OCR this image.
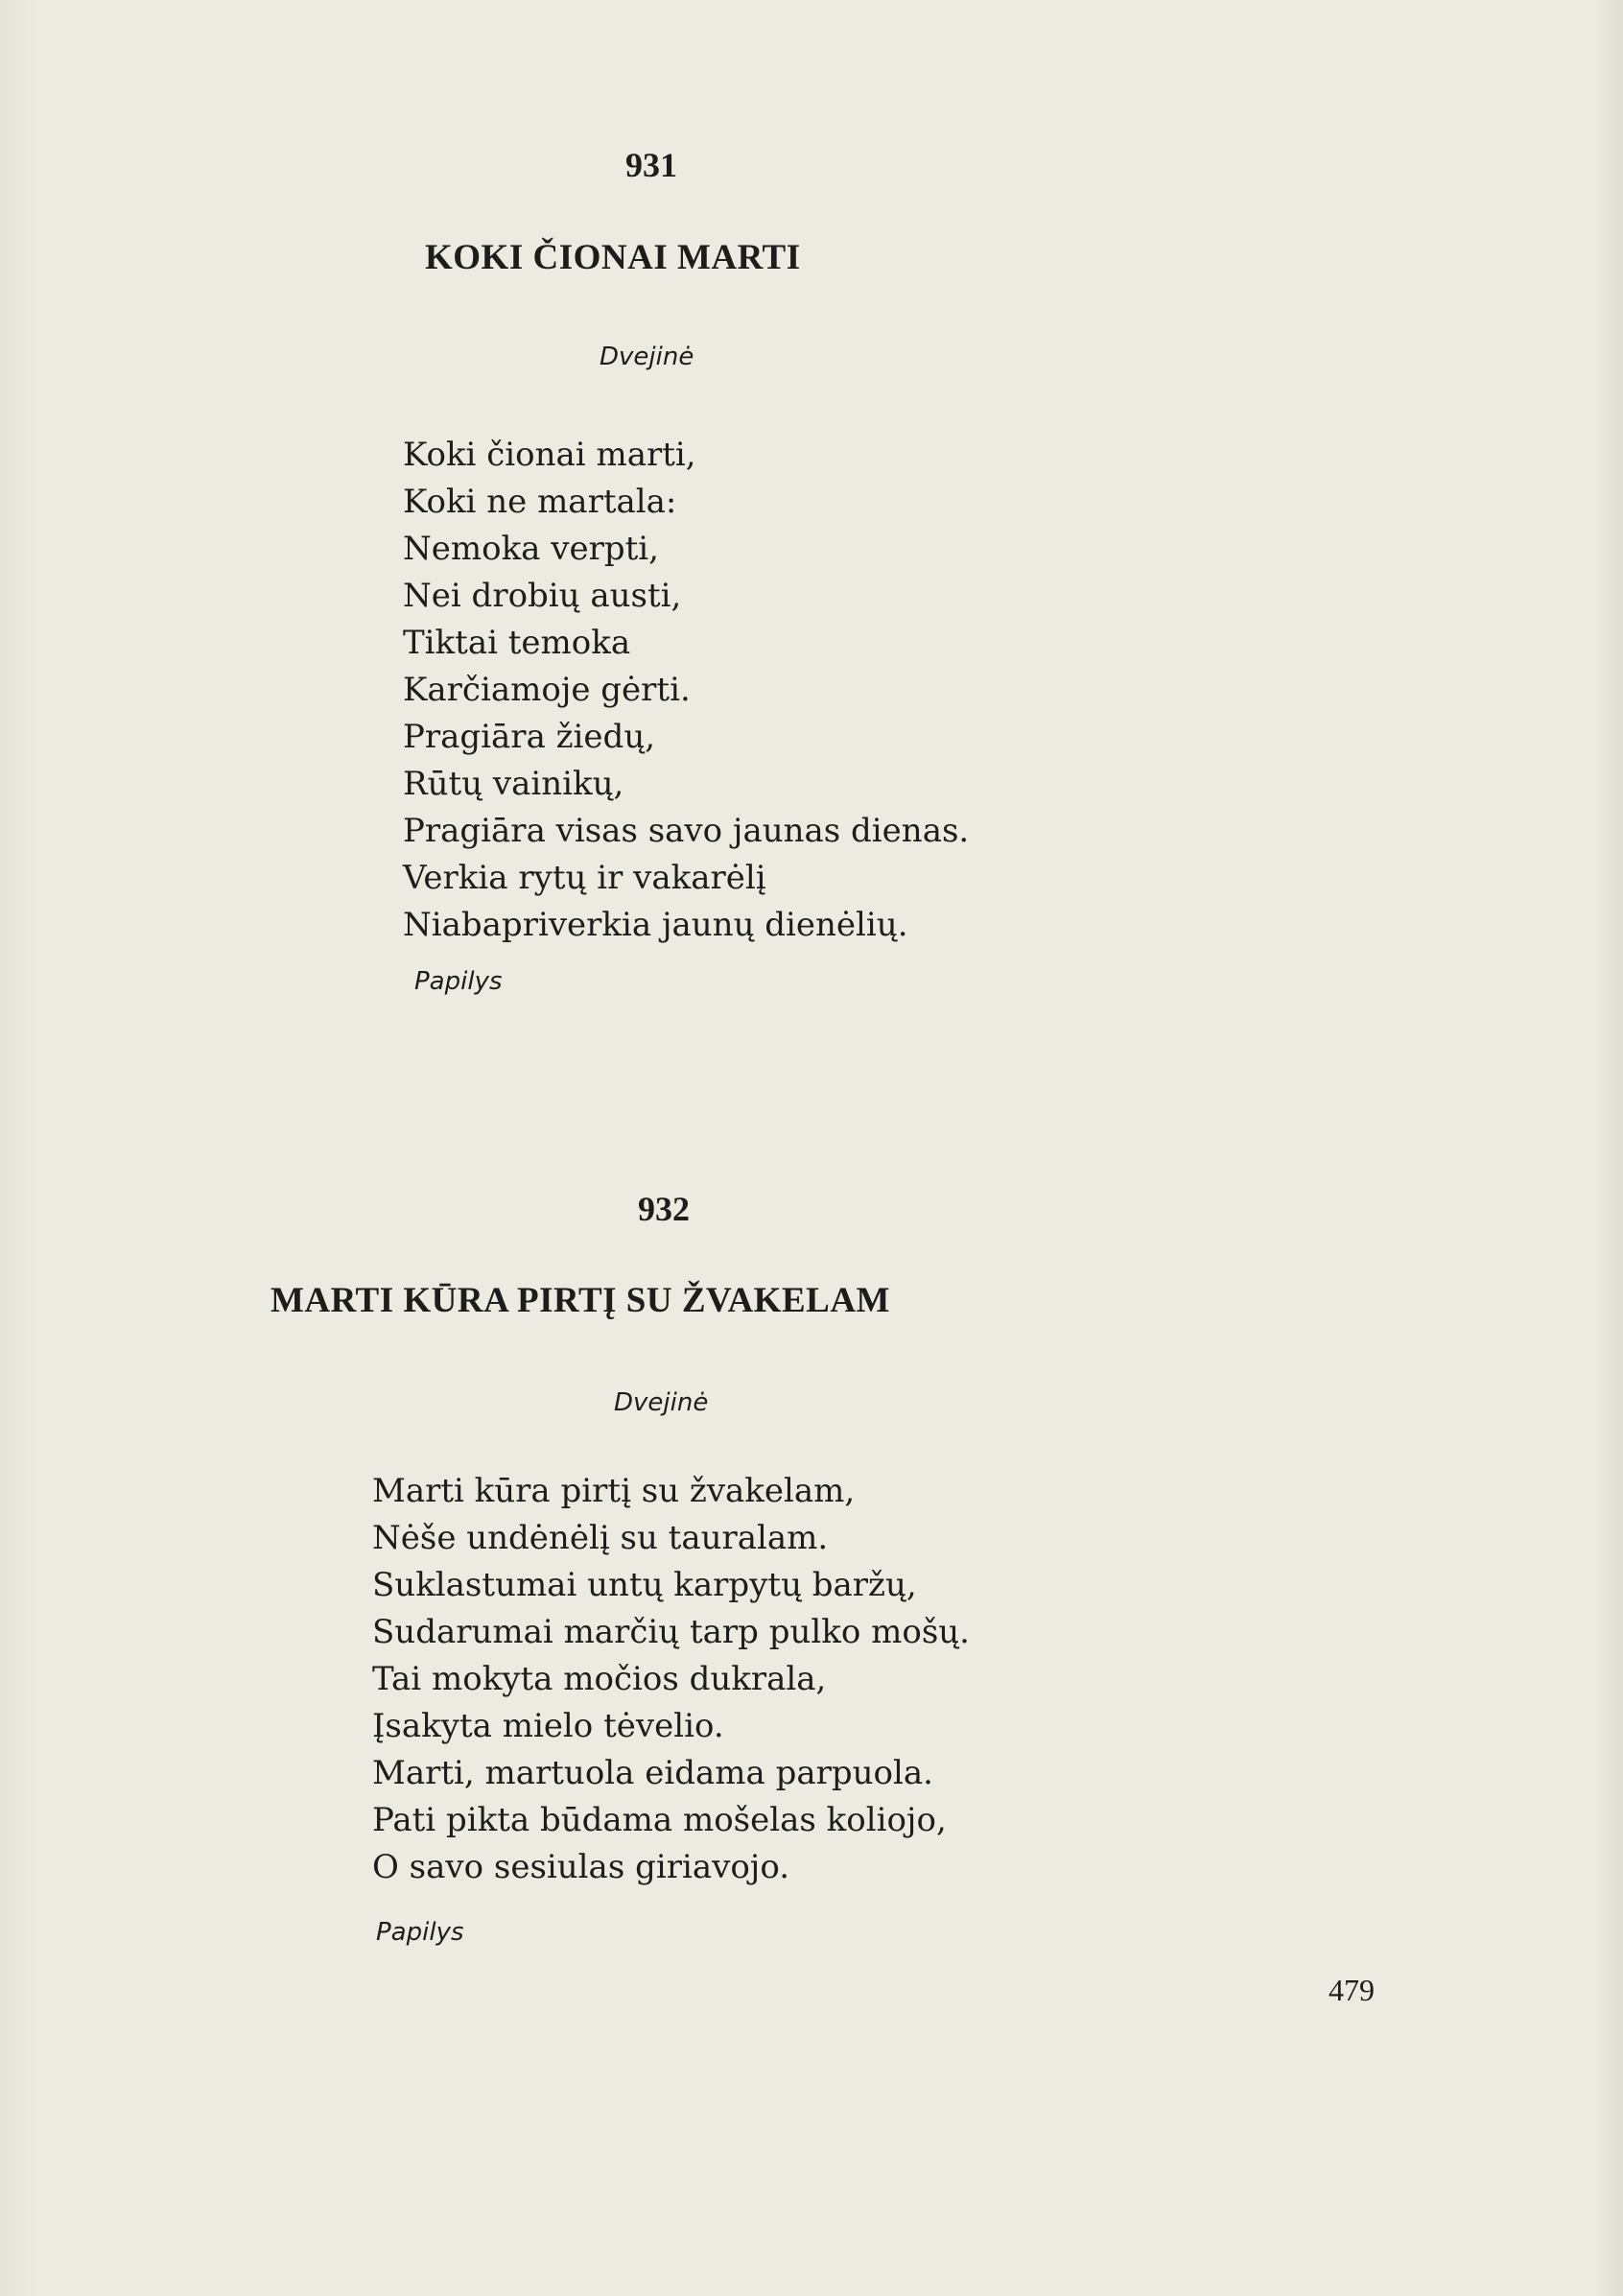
931
KOKI ČIONAI MARTI
Dvejinė
Koki čionai marti,
Koki ne martala:
Nemoka verpti,
Nei drobių austi,
Tiktai temoka
Karčiamoje gėrti.
Pragiāra žiedų,
Rūtų vainikų,
Pragiāra visas savo jaunas dienas.
Verkia rytų ir vakarėlį
Niabapriverkia jaunų dienėlių.
Papilys
932
MARTI KŪRA PIRTĮ SU ŽVAKELAM
Dvejinė
Marti kūra pirtį su žvakelam,
Nėše undėnėlį su tauralam.
Suklastumai untų karpytų baržų,
Sudarumai marčių tarp pulko mošų.
Tai mokyta močios dukrala,
Įsakyta mielo tėvelio.
Marti, martuola eidama parpuola.
Pati pikta būdama mošelas koliojo,
O savo sesiulas giriavojo.
Papilys
479
